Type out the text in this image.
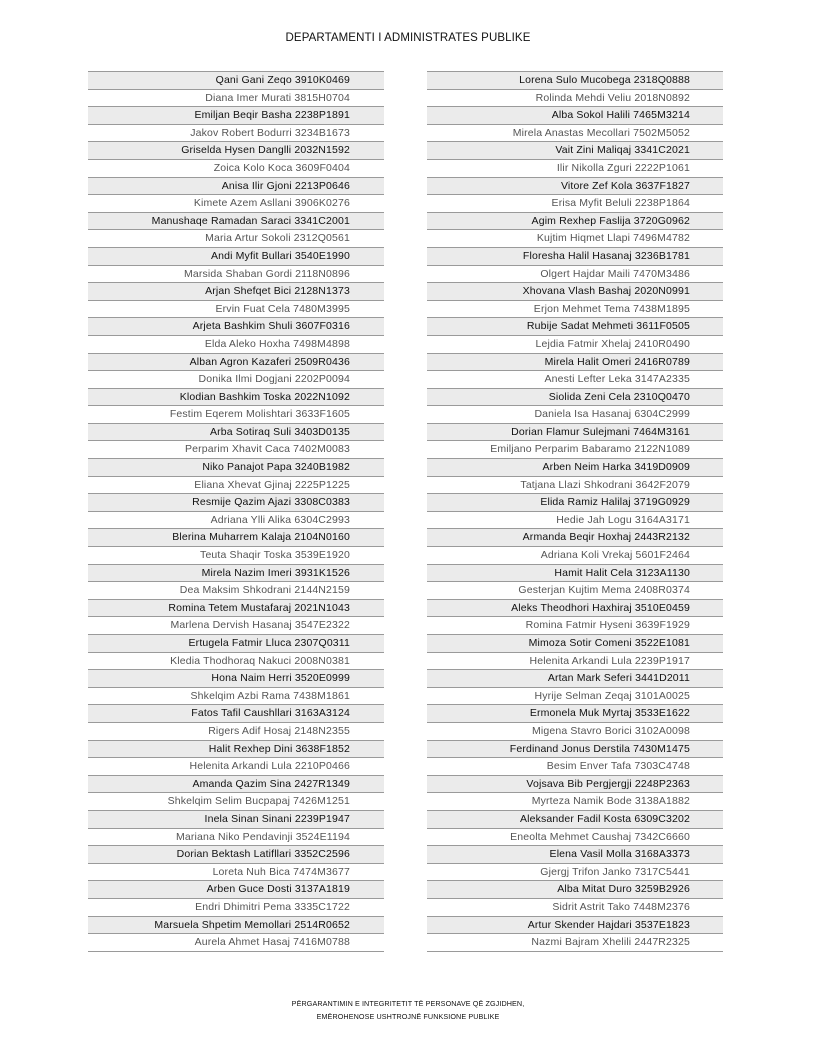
DEPARTAMENTI I ADMINISTRATES PUBLIKE
Qani Gani Zeqo 3910K0469
Diana Imer Murati 3815H0704
Emiljan Beqir Basha 2238P1891
Jakov Robert Bodurri 3234B1673
Griselda Hysen Danglli 2032N1592
Zoica Kolo Koca 3609F0404
Anisa Ilir Gjoni 2213P0646
Kimete Azem Asllani 3906K0276
Manushaqe Ramadan Saraci 3341C2001
Maria Artur Sokoli 2312Q0561
Andi Myfit Bullari 3540E1990
Marsida Shaban Gordi 2118N0896
Arjan Shefqet Bici 2128N1373
Ervin Fuat Cela 7480M3995
Arjeta Bashkim Shuli 3607F0316
Elda Aleko Hoxha 7498M4898
Alban Agron Kazaferi 2509R0436
Donika Ilmi Dogjani 2202P0094
Klodian Bashkim Toska 2022N1092
Festim Eqerem Molishtari 3633F1605
Arba Sotiraq Suli 3403D0135
Perparim Xhavit Caca 7402M0083
Niko Panajot Papa 3240B1982
Eliana Xhevat Gjinaj 2225P1225
Resmije Qazim Ajazi 3308C0383
Adriana Ylli Alika 6304C2993
Blerina Muharrem Kalaja 2104N0160
Teuta Shaqir Toska 3539E1920
Mirela Nazim Imeri 3931K1526
Dea Maksim Shkodrani 2144N2159
Romina Tetem Mustafaraj 2021N1043
Marlena Dervish Hasanaj 3547E2322
Ertugela Fatmir Lluca 2307Q0311
Kledia Thodhoraq Nakuci 2008N0381
Hona Naim Herri 3520E0999
Shkelqim Azbi Rama 7438M1861
Fatos Tafil Caushllari 3163A3124
Rigers Adif Hosaj 2148N2355
Halit Rexhep Dini 3638F1852
Helenita Arkandi Lula 2210P0466
Amanda Qazim Sina 2427R1349
Shkelqim Selim Bucpapaj 7426M1251
Inela Sinan Sinani 2239P1947
Mariana Niko Pendavinji 3524E1194
Dorian Bektash Latifllari 3352C2596
Loreta Nuh Bica 7474M3677
Arben Guce Dosti 3137A1819
Endri Dhimitri Pema 3335C1722
Marsuela Shpetim Memollari 2514R0652
Aurela Ahmet Hasaj 7416M0788
Lorena Sulo Mucobega 2318Q0888
Rolinda Mehdi Veliu 2018N0892
Alba Sokol Halili 7465M3214
Mirela Anastas Mecollari 7502M5052
Vait Zini Maliqaj 3341C2021
Ilir Nikolla Zguri 2222P1061
Vitore Zef Kola 3637F1827
Erisa Myfit Beluli 2238P1864
Agim Rexhep Faslija 3720G0962
Kujtim Hiqmet Llapi 7496M4782
Floresha Halil Hasanaj 3236B1781
Olgert Hajdar Maili 7470M3486
Xhovana Vlash Bashaj 2020N0991
Erjon Mehmet Tema 7438M1895
Rubije Sadat Mehmeti 3611F0505
Lejdia Fatmir Xhelaj 2410R0490
Mirela Halit Omeri 2416R0789
Anesti Lefter Leka 3147A2335
Siolida Zeni Cela 2310Q0470
Daniela Isa Hasanaj 6304C2999
Dorian Flamur Sulejmani 7464M3161
Emiljano Perparim Babaramo 2122N1089
Arben Neim Harka 3419D0909
Tatjana Llazi Shkodrani 3642F2079
Elida Ramiz Halilaj 3719G0929
Hedie Jah Logu 3164A3171
Armanda Beqir Hoxhaj 2443R2132
Adriana Koli Vrekaj 5601F2464
Hamit Halit Cela 3123A1130
Gesterjan Kujtim Mema 2408R0374
Aleks Theodhori Haxhiraj 3510E0459
Romina Fatmir Hyseni 3639F1929
Mimoza Sotir Comeni 3522E1081
Helenita Arkandi Lula 2239P1917
Artan Mark Seferi 3441D2011
Hyrije Selman Zeqaj 3101A0025
Ermonela Muk Myrtaj 3533E1622
Migena Stavro Borici 3102A0098
Ferdinand Jonus Derstila 7430M1475
Besim Enver Tafa 7303C4748
Vojsava Bib Pergjergji 2248P2363
Myrteza Namik Bode 3138A1882
Aleksander Fadil Kosta 6309C3202
Eneolta Mehmet Caushaj 7342C6660
Elena Vasil Molla 3168A3373
Gjergj Trifon Janko 7317C5441
Alba Mitat Duro 3259B2926
Sidrit Astrit Tako 7448M2376
Artur Skender Hajdari 3537E1823
Nazmi Bajram Xhelili 2447R2325
PËRGARANTIMIN E INTEGRITETIT TË PERSONAVE QË ZGJIDHEN,
EMËROHENOSE USHTROJNË FUNKSIONE PUBLIKE
